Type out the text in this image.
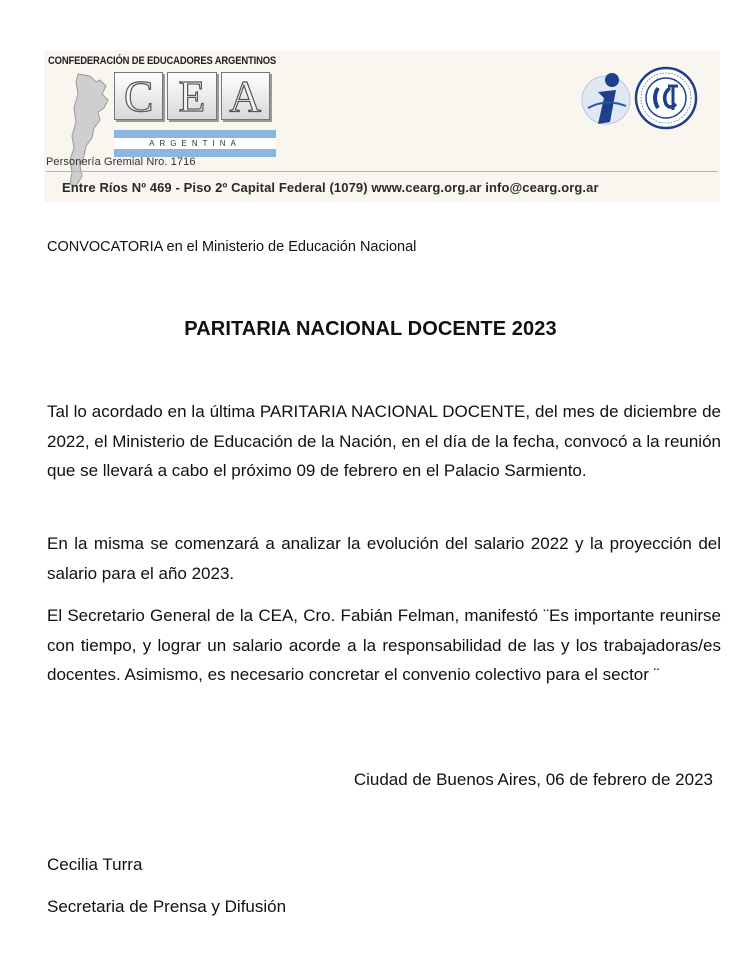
CONFEDERACIÓN DE EDUCADORES ARGENTINOS
C E A
ARGENTINA
Personería Gremial Nro. 1716
Entre Ríos Nº 469 - Piso 2º Capital Federal (1079) www.cearg.org.ar info@cearg.org.ar
CONVOCATORIA en el Ministerio de Educación Nacional
PARITARIA NACIONAL DOCENTE 2023
Tal lo acordado en la última PARITARIA NACIONAL DOCENTE, del mes de diciembre de 2022, el Ministerio de Educación de la Nación, en el día de la fecha, convocó a la reunión que se llevará a cabo el próximo 09 de febrero en el Palacio Sarmiento.
En la misma se comenzará a analizar la evolución del salario 2022 y la proyección del salario para el año 2023.
El Secretario General de la CEA, Cro. Fabián Felman, manifestó ¨Es importante reunirse con tiempo, y lograr un salario acorde a la responsabilidad de las y los trabajadoras/es docentes. Asimismo, es necesario concretar el convenio colectivo para el sector ¨
Ciudad de Buenos Aires, 06 de febrero de 2023
Cecilia Turra
Secretaria de Prensa y Difusión
